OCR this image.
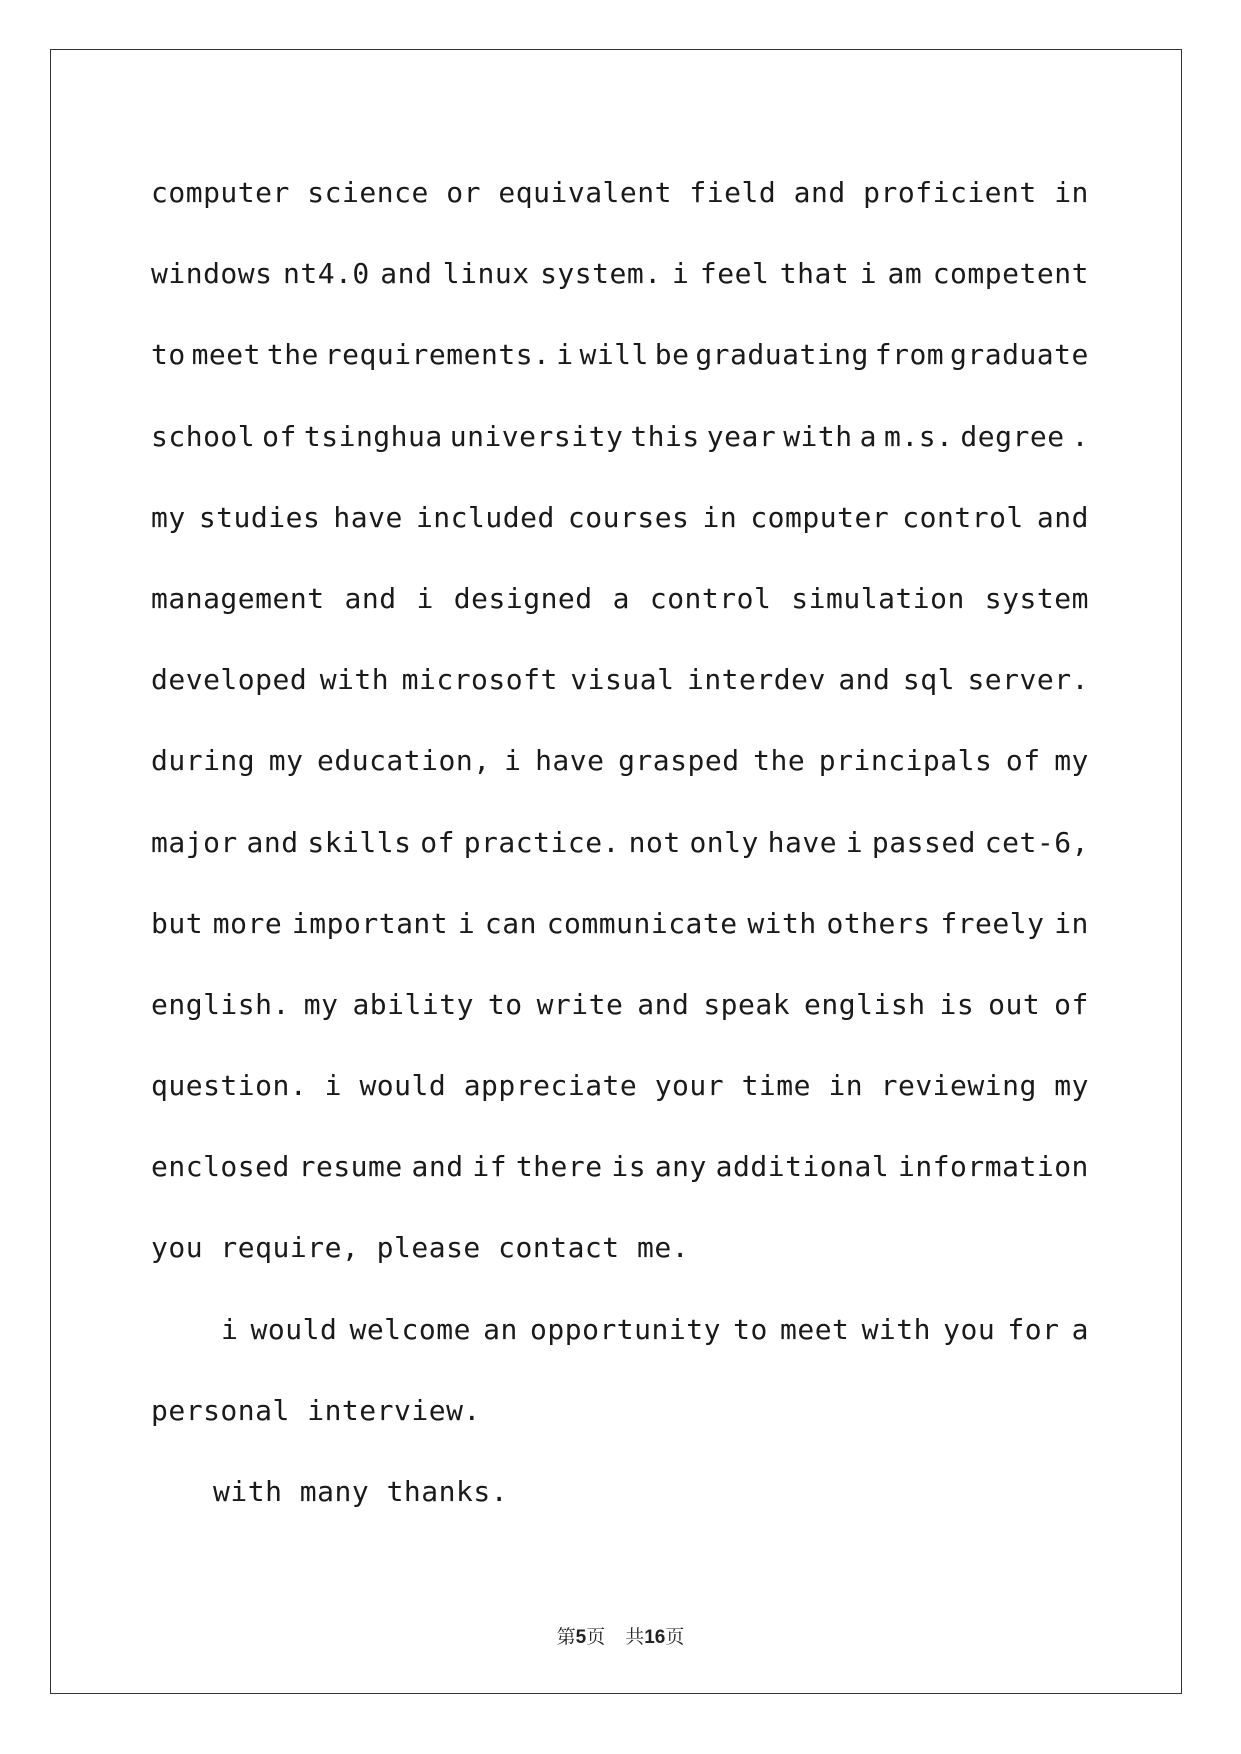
computer science or equivalent field and proficient in
windows nt4.0 and linux system. i feel that i am competent
to meet the requirements. i will be graduating from graduate
school of tsinghua university this year with a m.s. degree .
my studies have included courses in computer control and
management and i designed a control simulation system
developed with microsoft visual interdev and sql server.
during my education, i have grasped the principals of my
major and skills of practice. not only have i passed cet-6,
but more important i can communicate with others freely in
english. my ability to write and speak english is out of
question. i would appreciate your time in reviewing my
enclosed resume and if there is any additional information
you require, please contact me.
i would welcome an opportunity to meet with you for a
personal interview.
with many thanks.
第5页 共16页
